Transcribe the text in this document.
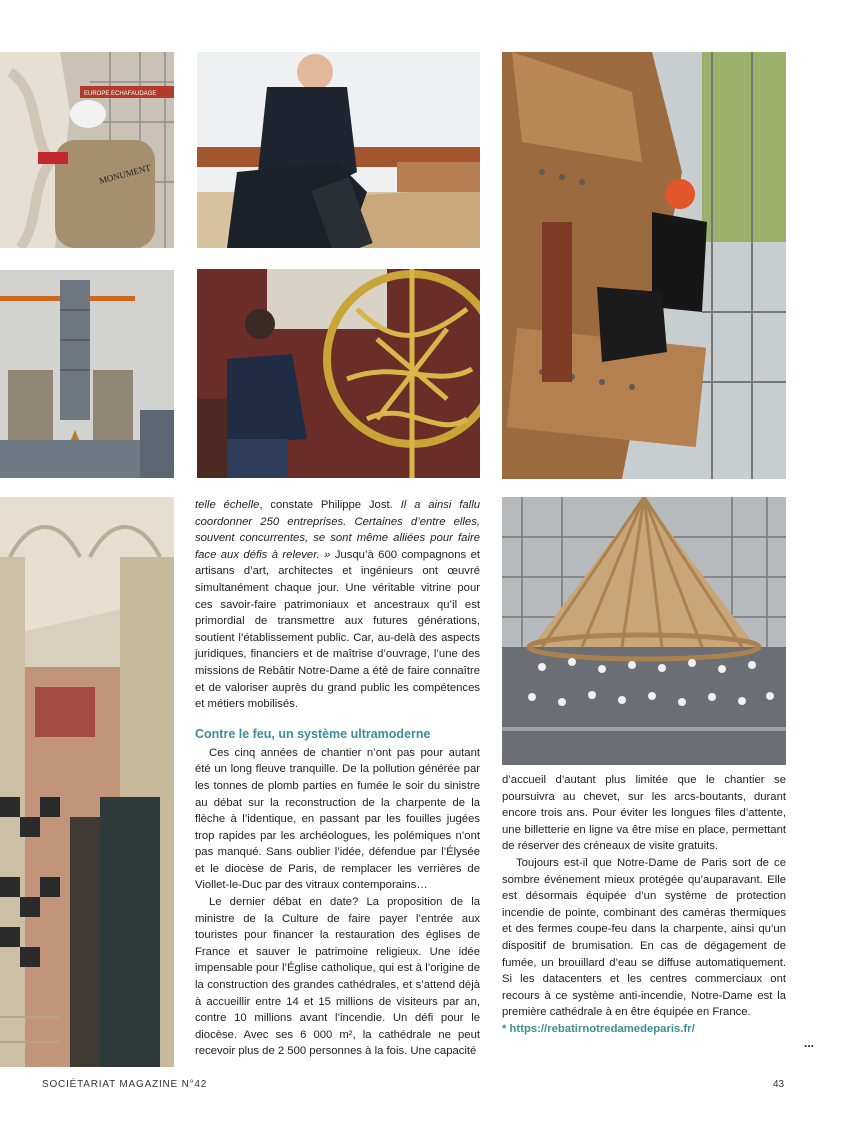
EUROPE ECHAFAUDAGE
MONUMENT

telle échelle, constate Philippe Jost. Il a ainsi fallu coordonner 250 entreprises. Certaines d’entre elles, souvent concurrentes, se sont même alliées pour faire face aux défis à relever. » Jusqu’à 600 compagnons et artisans d’art, architectes et ingénieurs ont œuvré simultanément chaque jour. Une véritable vitrine pour ces savoir-faire patrimoniaux et ancestraux qu’il est primordial de transmettre aux futures générations, soutient l’établissement public. Car, au-delà des aspects juridiques, financiers et de maîtrise d’ouvrage, l’une des missions de Rebâtir Notre-Dame a été de faire connaître et de valoriser auprès du grand public les compétences et métiers mobilisés.

Contre le feu, un système ultramoderne

Ces cinq années de chantier n’ont pas pour autant été un long fleuve tranquille. De la pollution générée par les tonnes de plomb parties en fumée le soir du sinistre au débat sur la reconstruction de la charpente de la flèche à l’identique, en passant par les fouilles jugées trop rapides par les archéologues, les polémiques n’ont pas manqué. Sans oublier l’idée, défendue par l’Élysée et le diocèse de Paris, de remplacer les verrières de Viollet-le-Duc par des vitraux contemporains…

Le dernier débat en date? La proposition de la ministre de la Culture de faire payer l’entrée aux touristes pour financer la restauration des églises de France et sauver le patrimoine religieux. Une idée impensable pour l’Église catholique, qui est à l’origine de la construction des grandes cathédrales, et s’attend déjà à accueillir entre 14 et 15 millions de visiteurs par an, contre 10 millions avant l’incendie. Un défi pour le diocèse. Avec ses 6 000 m², la cathédrale ne peut recevoir plus de 2 500 personnes à la fois. Une capacité

d’accueil d’autant plus limitée que le chantier se poursuivra au chevet, sur les arcs-boutants, durant encore trois ans. Pour éviter les longues files d’attente, une billetterie en ligne va être mise en place, permettant de réserver des créneaux de visite gratuits.

Toujours est-il que Notre-Dame de Paris sort de ce sombre événement mieux protégée qu’auparavant. Elle est désormais équipée d’un système de protection incendie de pointe, combinant des caméras thermiques et des fermes coupe-feu dans la charpente, ainsi qu’un dispositif de brumisation. En cas de dégagement de fumée, un brouillard d’eau se diffuse automatiquement. Si les datacenters et les centres commerciaux ont recours à ce système anti-incendie, Notre-Dame est la première cathédrale à en être équipée en France.

* https://rebatirnotredamedeparis.fr/

...
SOCIÉTARIAT MAGAZINE N°42	43
